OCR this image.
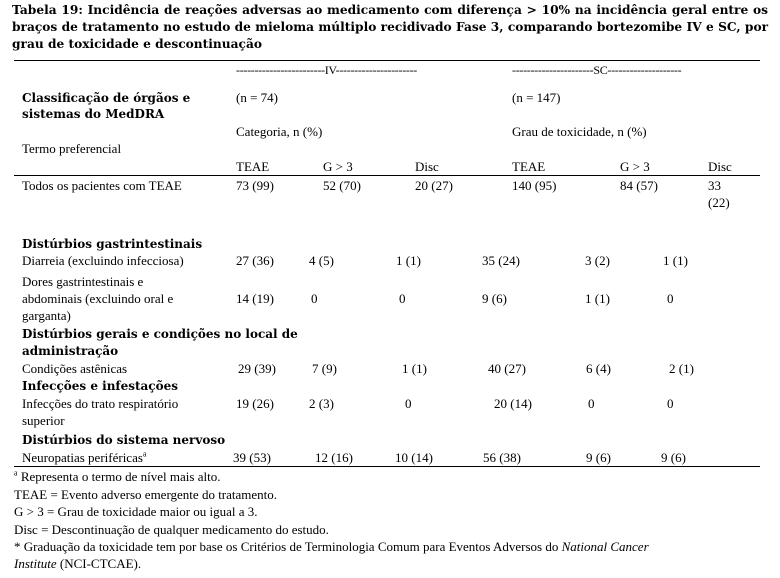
Tabela 19: Incidência de reações adversas ao medicamento com diferença > 10% na incidência geral entre os braços de tratamento no estudo de mieloma múltiplo recidivado Fase 3, comparando bortezomibe IV e SC, por grau de toxicidade e descontinuação
------------------------IV----------------------	----------------------SC--------------------
Classificação de órgãos e
sistemas do MedDRA
(n = 74)	(n = 147)
Categoria, n (%)	Grau de toxicidade, n (%)
Termo preferencial
TEAE	G > 3	Disc	TEAE	G > 3	Disc
Todos os pacientes com TEAE	73 (99)	52 (70)	20 (27)	140 (95)	84 (57)	33
(22)
Distúrbios gastrintestinais
Diarreia (excluindo infecciosa)	27 (36)	4 (5)	1 (1)	35 (24)	3 (2)	1 (1)
Dores gastrintestinais e
abdominais (excluindo oral e
garganta)
14 (19)	0	0	9 (6)	1 (1)	0
Distúrbios gerais e condições no local de
administração
Condições astênicas	29 (39)	7 (9)	1 (1)	40 (27)	6 (4)	2 (1)
Infecções e infestações
Infecções do trato respiratório
superior
19 (26)	2 (3)	0	20 (14)	0	0
Distúrbios do sistema nervoso
Neuropatias periféricas$^a$	39 (53)	12 (16)	10 (14)	56 (38)	9 (6)	9 (6)
$^a$ Representa o termo de nível mais alto.
TEAE = Evento adverso emergente do tratamento.
G > 3 = Grau de toxicidade maior ou igual a 3.
Disc = Descontinuação de qualquer medicamento do estudo.
* Graduação da toxicidade tem por base os Critérios de Terminologia Comum para Eventos Adversos do National Cancer
Institute (NCI-CTCAE).
